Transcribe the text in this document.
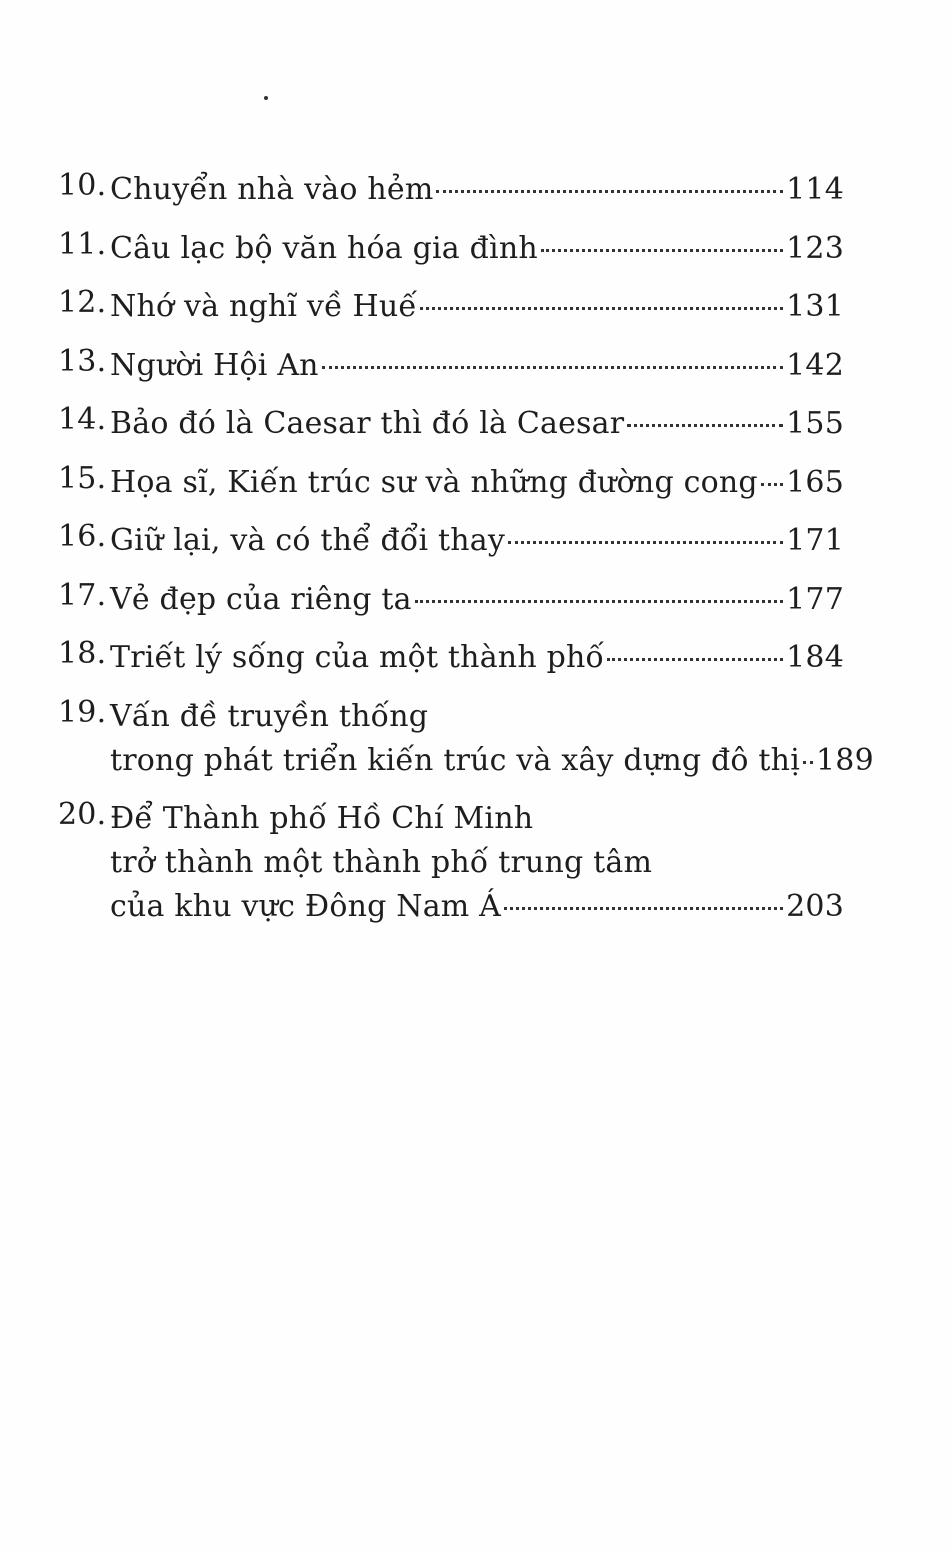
10. Chuyển nhà vào hẻm	114
11. Câu lạc bộ văn hóa gia đình	123
12. Nhớ và nghĩ về Huế	131
13. Người Hội An	142
14. Bảo đó là Caesar thì đó là Caesar	155
15. Họa sĩ, Kiến trúc sư và những đường cong 165
16. Giữ lại, và có thể đổi thay	171
17. Vẻ đẹp của riêng ta	177
18. Triết lý sống của một thành phố	184
19. Vấn đề truyền thống
trong phát triển kiến trúc và xây dựng đô thị 189
20. Để Thành phố Hồ Chí Minh
trở thành một thành phố trung tâm
của khu vực Đông Nam Á	203
